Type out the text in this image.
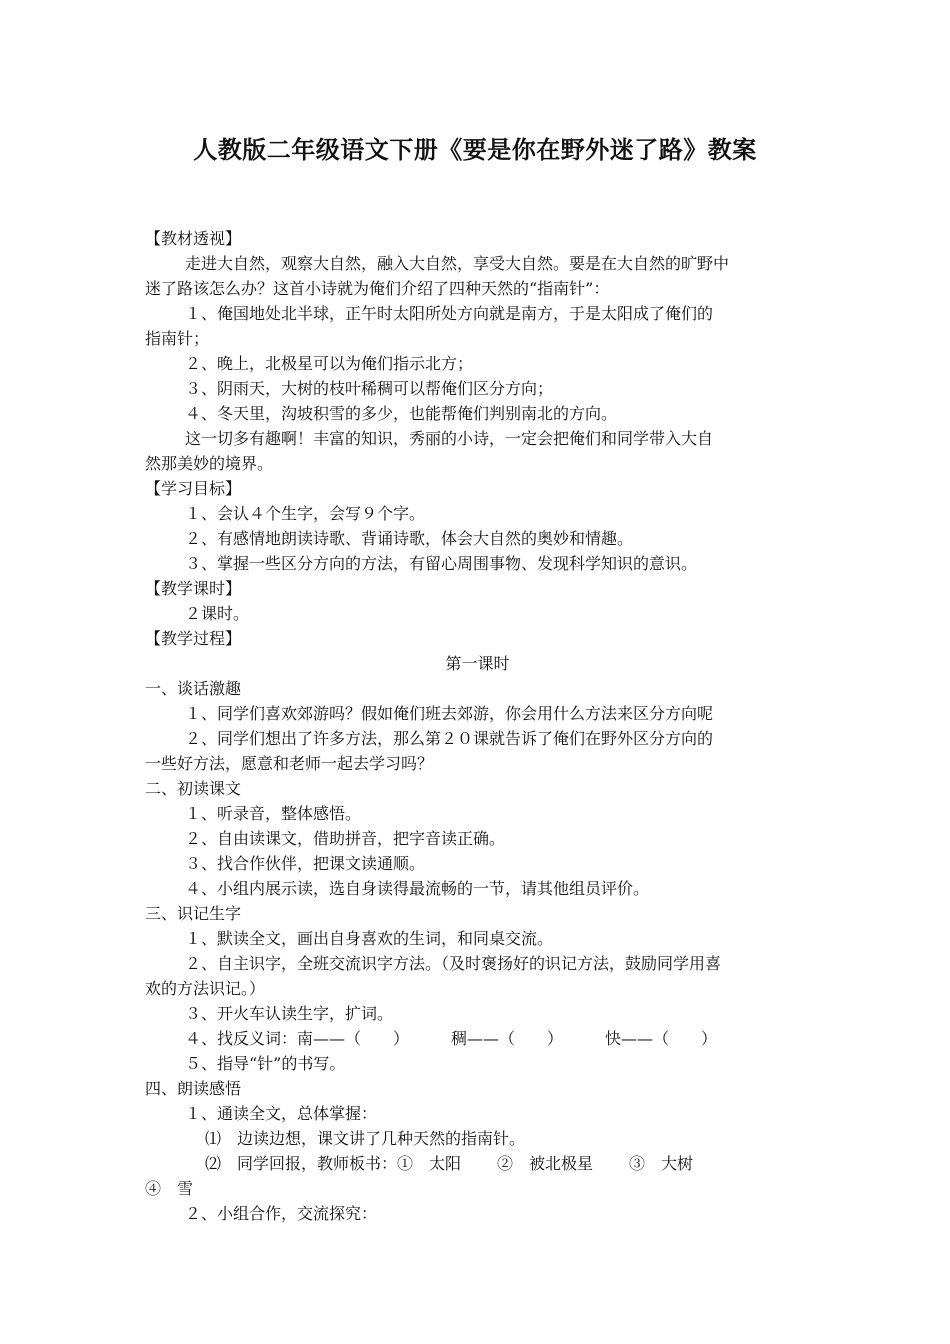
人教版二年级语文下册《要是你在野外迷了路》教案
【教材透视】
走进大自然，观察大自然，融入大自然，享受大自然。要是在大自然的旷野中
迷了路该怎么办？这首小诗就为俺们介绍了四种天然的“指南针”：
１、俺国地处北半球，正午时太阳所处方向就是南方，于是太阳成了俺们的
指南针；
２、晚上，北极星可以为俺们指示北方；
３、阴雨天，大树的枝叶稀稠可以帮俺们区分方向；
４、冬天里，沟坡积雪的多少，也能帮俺们判别南北的方向。
这一切多有趣啊！丰富的知识，秀丽的小诗，一定会把俺们和同学带入大自
然那美妙的境界。
【学习目标】
１、会认４个生字，会写９个字。
２、有感情地朗读诗歌、背诵诗歌，体会大自然的奥妙和情趣。
３、掌握一些区分方向的方法，有留心周围事物、发现科学知识的意识。
【教学课时】
２课时。
【教学过程】
第一课时
一、谈话激趣
１、同学们喜欢郊游吗？假如俺们班去郊游，你会用什么方法来区分方向呢
２、同学们想出了许多方法，那么第２０课就告诉了俺们在野外区分方向的
一些好方法，愿意和老师一起去学习吗？
二、初读课文
１、听录音，整体感悟。
２、自由读课文，借助拼音，把字音读正确。
３、找合作伙伴，把课文读通顺。
４、小组内展示读，选自身读得最流畅的一节，请其他组员评价。
三、识记生字
１、默读全文，画出自身喜欢的生词，和同桌交流。
２、自主识字，全班交流识字方法。（及时褒扬好的识记方法，鼓励同学用喜
欢的方法识记。）
３、开火车认读生字，扩词。
４、找反义词：南——（　　）	稠——（　　）	快——（　　）
５、指导“针”的书写。
四、朗读感悟
１、通读全文，总体掌握：
⑴　边读边想，课文讲了几种天然的指南针。
⑵　同学回报，教师板书：①　太阳 ②　被北极星 ③　大树
④　雪
２、小组合作，交流探究：
